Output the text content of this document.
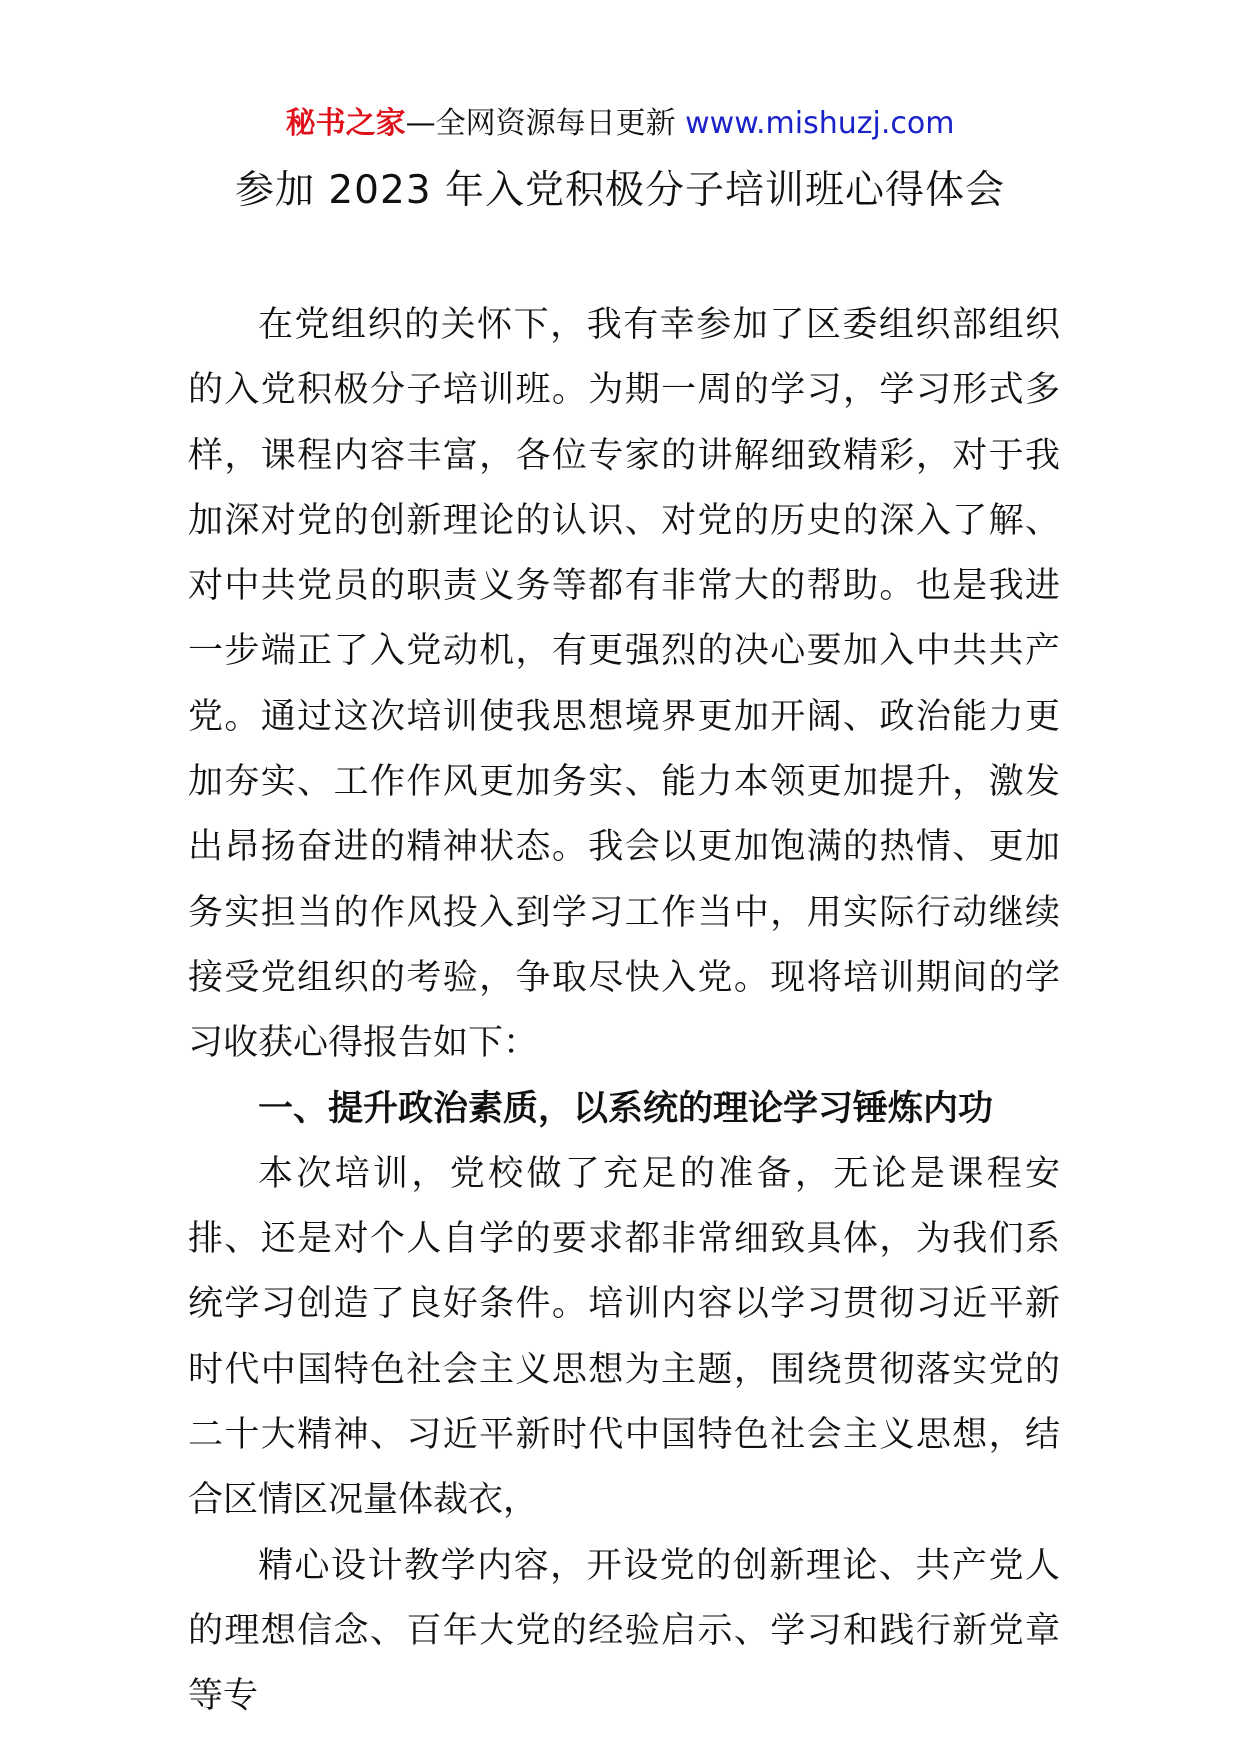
秘书之家—全网资源每日更新 www.mishuzj.com
参加 2023 年入党积极分子培训班心得体会

在党组织的关怀下，我有幸参加了区委组织部组织的入党积极分子培训班。为期一周的学习，学习形式多样，课程内容丰富，各位专家的讲解细致精彩，对于我加深对党的创新理论的认识、对党的历史的深入了解、对中共党员的职责义务等都有非常大的帮助。也是我进一步端正了入党动机，有更强烈的决心要加入中共共产党。通过这次培训使我思想境界更加开阔、政治能力更加夯实、工作作风更加务实、能力本领更加提升，激发出昂扬奋进的精神状态。我会以更加饱满的热情、更加务实担当的作风投入到学习工作当中，用实际行动继续接受党组织的考验，争取尽快入党。现将培训期间的学习收获心得报告如下：

一、提升政治素质，以系统的理论学习锤炼内功

本次培训，党校做了充足的准备，无论是课程安排、还是对个人自学的要求都非常细致具体，为我们系统学习创造了良好条件。培训内容以学习贯彻习近平新时代中国特色社会主义思想为主题，围绕贯彻落实党的二十大精神、习近平新时代中国特色社会主义思想，结合区情区况量体裁衣，

精心设计教学内容，开设党的创新理论、共产党人的理想信念、百年大党的经验启示、学习和践行新党章等专
